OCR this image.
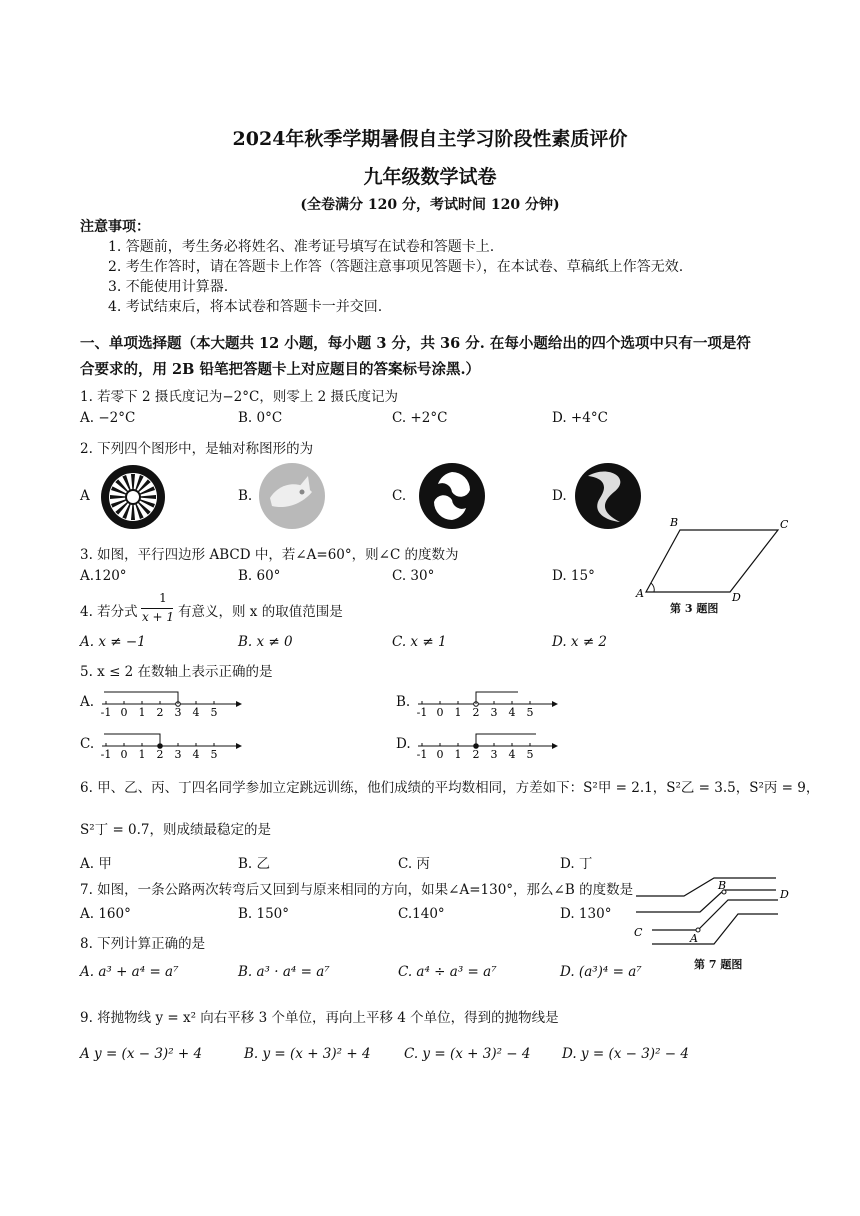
2024年秋季学期暑假自主学习阶段性素质评价
九年级数学试卷
(全卷满分 120 分，考试时间 120 分钟)
注意事项：
1. 答题前，考生务必将姓名、准考证号填写在试卷和答题卡上.
2. 考生作答时，请在答题卡上作答（答题注意事项见答题卡），在本试卷、草稿纸上作答无效.
3. 不能使用计算器.
4. 考试结束后，将本试卷和答题卡一并交回.
一、单项选择题（本大题共 12 小题，每小题 3 分，共 36 分. 在每小题给出的四个选项中只有一项是符
合要求的，用 2B 铅笔把答题卡上对应题目的答案标号涂黑.）
1. 若零下 2 摄氏度记为−2°C，则零上 2 摄氏度记为
A. −2°C	B. 0°C	C. +2°C	D. +4°C
2. 下列四个图形中，是轴对称图形的为
A	B.	C.	D.
3. 如图，平行四边形 ABCD 中，若∠A=60°，则∠C 的度数为
A.120°	B. 60°	C. 30°	D. 15°
A
B	C
D
第 3 题图
4. 若分式
1
x + 1 有意义，则 x 的取值范围是
A. x ≠ −1	B. x ≠ 0	C. x ≠ 1	D. x ≠ 2
5. x ≤ 2 在数轴上表示正确的是
A.	B.
C.	D.
-1 0 1 2 3 4 5	-1 0 1 2 3 4 5
-1 0 1 2 3 4 5	-1 0 1 2 3 4 5
6. 甲、乙、丙、丁四名同学参加立定跳远训练，他们成绩的平均数相同，方差如下：S²甲 = 2.1，S²乙 = 3.5，S²丙 = 9，
S²丁 = 0.7，则成绩最稳定的是
A. 甲	B. 乙	C. 丙	D. 丁
7. 如图，一条公路两次转弯后又回到与原来相同的方向，如果∠A=130°，那么∠B 的度数是
A. 160°	B. 150°	C.140°	D. 130°
B
D
C	A
第 7 题图
8. 下列计算正确的是
A. a³ + a⁴ = a⁷	B. a³ · a⁴ = a⁷	C. a⁴ ÷ a³ = a⁷	D. (a³)⁴ = a⁷
9. 将抛物线 y = x² 向右平移 3 个单位，再向上平移 4 个单位，得到的抛物线是
A y = (x − 3)² + 4	B. y = (x + 3)² + 4 C. y = (x + 3)² − 4 D. y = (x − 3)² − 4
